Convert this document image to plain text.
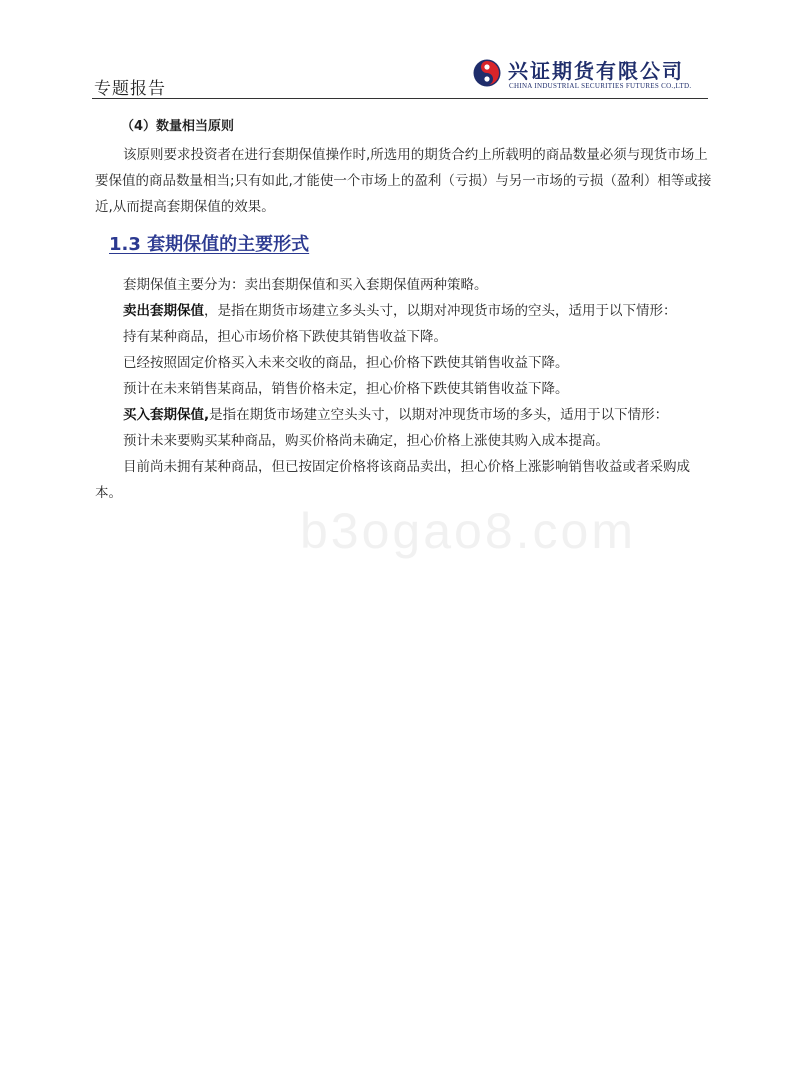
专题报告
兴证期货有限公司
CHINA INDUSTRIAL SECURITIES FUTURES CO.,LTD.

（4）数量相当原则

该原则要求投资者在进行套期保值操作时,所选用的期货合约上所载明的商品数量必须与现货市场上要保值的商品数量相当;只有如此,才能使一个市场上的盈利（亏损）与另一市场的亏损（盈利）相等或接近,从而提高套期保值的效果。

1.3 套期保值的主要形式

套期保值主要分为：卖出套期保值和买入套期保值两种策略。

卖出套期保值，是指在期货市场建立多头头寸，以期对冲现货市场的空头，适用于以下情形：

持有某种商品，担心市场价格下跌使其销售收益下降。

已经按照固定价格买入未来交收的商品，担心价格下跌使其销售收益下降。

预计在未来销售某商品，销售价格未定，担心价格下跌使其销售收益下降。

买入套期保值,是指在期货市场建立空头头寸，以期对冲现货市场的多头，适用于以下情形：

预计未来要购买某种商品，购买价格尚未确定，担心价格上涨使其购入成本提高。

目前尚未拥有某种商品，但已按固定价格将该商品卖出，担心价格上涨影响销售收益或者采购成本。

b3ogao8.com
